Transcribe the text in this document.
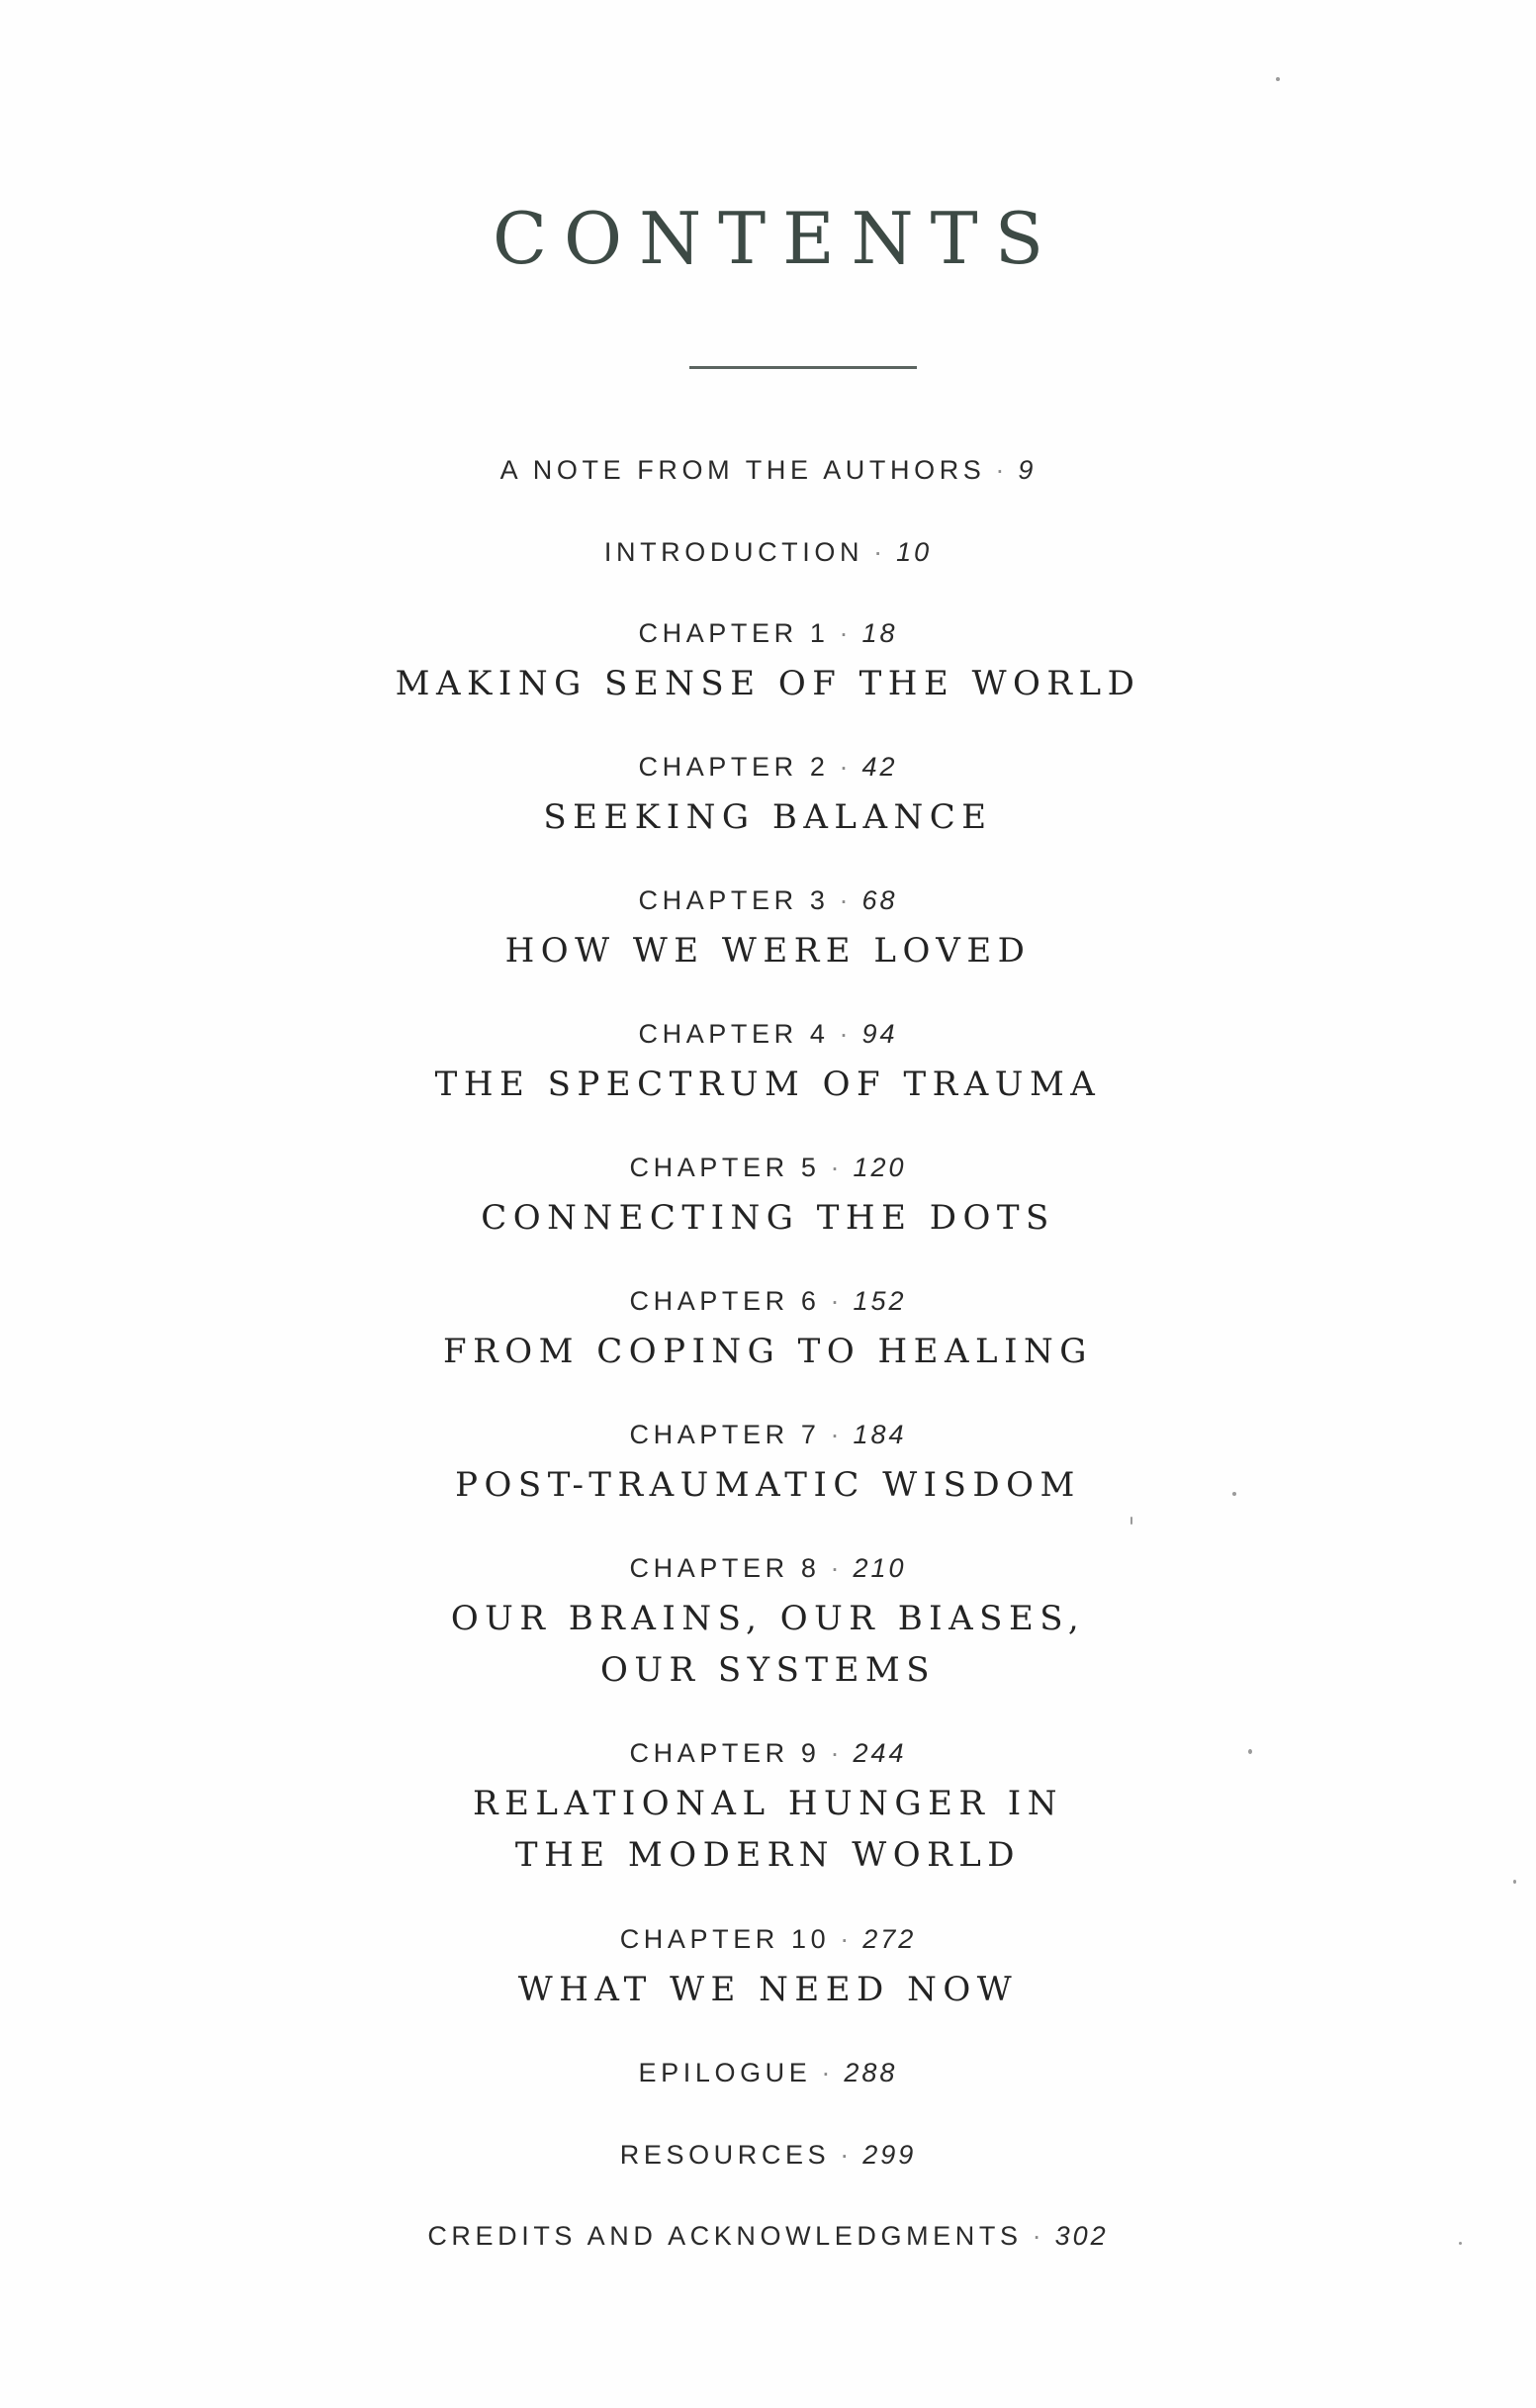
CONTENTS
A NOTE FROM THE AUTHORS · 9
INTRODUCTION · 10
CHAPTER 1 · 18
MAKING SENSE OF THE WORLD
CHAPTER 2 · 42
SEEKING BALANCE
CHAPTER 3 · 68
HOW WE WERE LOVED
CHAPTER 4 · 94
THE SPECTRUM OF TRAUMA
CHAPTER 5 · 120
CONNECTING THE DOTS
CHAPTER 6 · 152
FROM COPING TO HEALING
CHAPTER 7 · 184
POST-TRAUMATIC WISDOM
CHAPTER 8 · 210
OUR BRAINS, OUR BIASES,
OUR SYSTEMS
CHAPTER 9 · 244
RELATIONAL HUNGER IN
THE MODERN WORLD
CHAPTER 10 · 272
WHAT WE NEED NOW
EPILOGUE · 288
RESOURCES · 299
CREDITS AND ACKNOWLEDGMENTS · 302
